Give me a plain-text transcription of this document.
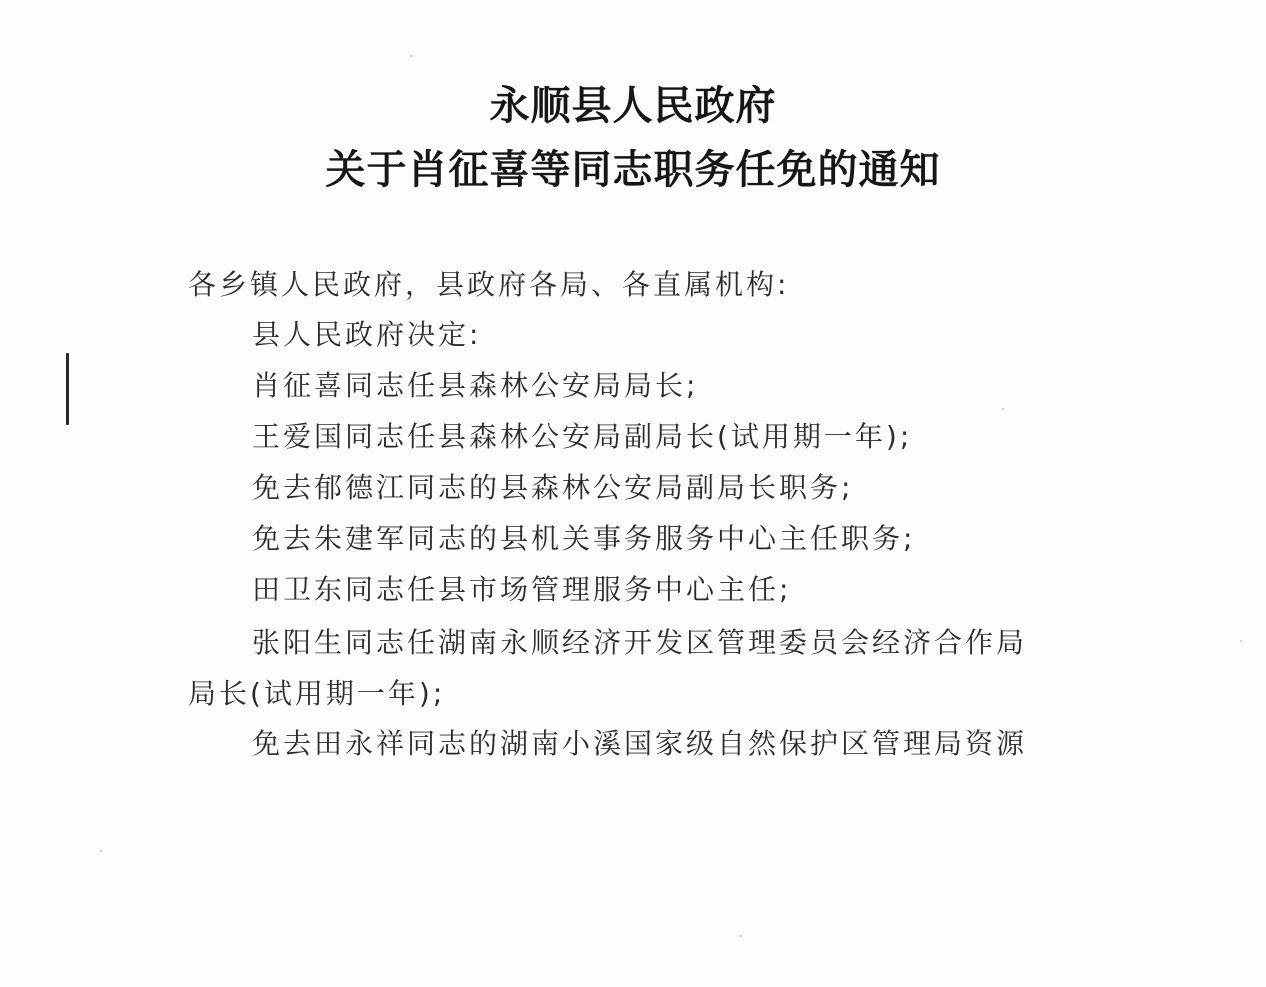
永顺县人民政府
关于肖征喜等同志职务任免的通知
各乡镇人民政府，县政府各局、各直属机构:
县人民政府决定:
肖征喜同志任县森林公安局局长;
王爱国同志任县森林公安局副局长(试用期一年);
免去郁德江同志的县森林公安局副局长职务;
免去朱建军同志的县机关事务服务中心主任职务;
田卫东同志任县市场管理服务中心主任;
张阳生同志任湖南永顺经济开发区管理委员会经济合作局
局长(试用期一年);
免去田永祥同志的湖南小溪国家级自然保护区管理局资源
